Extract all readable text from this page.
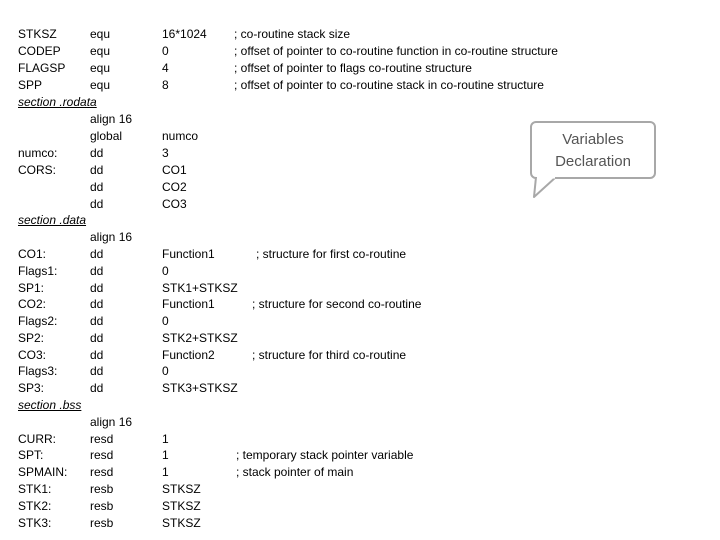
STKSZ	equ	16*1024 ; co-routine stack size
CODEP equ	0	; offset of pointer to co-routine function in co-routine structure
FLAGSP equ	4	; offset of pointer to flags co-routine structure
SPP	equ	8	; offset of pointer to co-routine stack in co-routine structure
section .rodata
align 16
global	numco
numco:	dd	3
CORS:	dd	CO1
dd	CO2
dd	CO3
section .data
align 16
CO1:	dd	Function1	; structure for first co-routine
Flags1:	dd	0
SP1:	dd	STK1+STKSZ
CO2:	dd	Function1	; structure for second co-routine
Flags2:	dd	0
SP2:	dd	STK2+STKSZ
CO3:	dd	Function2	; structure for third co-routine
Flags3:	dd	0
SP3:	dd	STK3+STKSZ
section .bss
align 16
CURR:	resd	1
SPT:	resd	1	; temporary stack pointer variable
SPMAIN: resd	1	; stack pointer of main
STK1:	resb	STKSZ
STK2:	resb	STKSZ
STK3:	resb	STKSZ
Variables
Declaration
